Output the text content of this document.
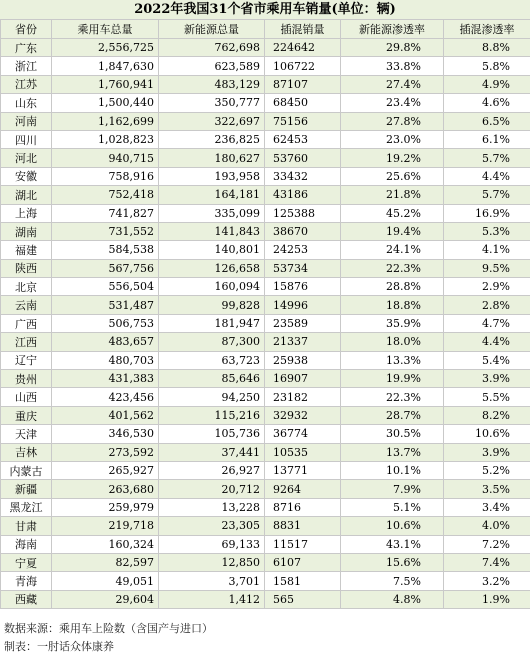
2022年我国31个省市乘用车销量(单位：辆)
省份	乘用车总量	新能源总量	插混销量	新能源渗透率	插混渗透率
广东	2,556,725	762,698	224642	29.8%	8.8%
浙江	1,847,630	623,589	106722	33.8%	5.8%
江苏	1,760,941	483,129	87107	27.4%	4.9%
山东	1,500,440	350,777	68450	23.4%	4.6%
河南	1,162,699	322,697	75156	27.8%	6.5%
四川	1,028,823	236,825	62453	23.0%	6.1%
河北	940,715	180,627	53760	19.2%	5.7%
安徽	758,916	193,958	33432	25.6%	4.4%
湖北	752,418	164,181	43186	21.8%	5.7%
上海	741,827	335,099	125388	45.2%	16.9%
湖南	731,552	141,843	38670	19.4%	5.3%
福建	584,538	140,801	24253	24.1%	4.1%
陕西	567,756	126,658	53734	22.3%	9.5%
北京	556,504	160,094	15876	28.8%	2.9%
云南	531,487	99,828	14996	18.8%	2.8%
广西	506,753	181,947	23589	35.9%	4.7%
江西	483,657	87,300	21337	18.0%	4.4%
辽宁	480,703	63,723	25938	13.3%	5.4%
贵州	431,383	85,646	16907	19.9%	3.9%
山西	423,456	94,250	23182	22.3%	5.5%
重庆	401,562	115,216	32932	28.7%	8.2%
天津	346,530	105,736	36774	30.5%	10.6%
吉林	273,592	37,441	10535	13.7%	3.9%
内蒙古	265,927	26,927	13771	10.1%	5.2%
新疆	263,680	20,712	9264	7.9%	3.5%
黑龙江	259,979	13,228	8716	5.1%	3.4%
甘肃	219,718	23,305	8831	10.6%	4.0%
海南	160,324	69,133	11517	43.1%	7.2%
宁夏	82,597	12,850	6107	15.6%	7.4%
青海	49,051	3,701	1581	7.5%	3.2%
西藏	29,604	1,412	565	4.8%	1.9%
数据来源：乘用车上险数（含国产与进口）
制表：一肘话众体康养
